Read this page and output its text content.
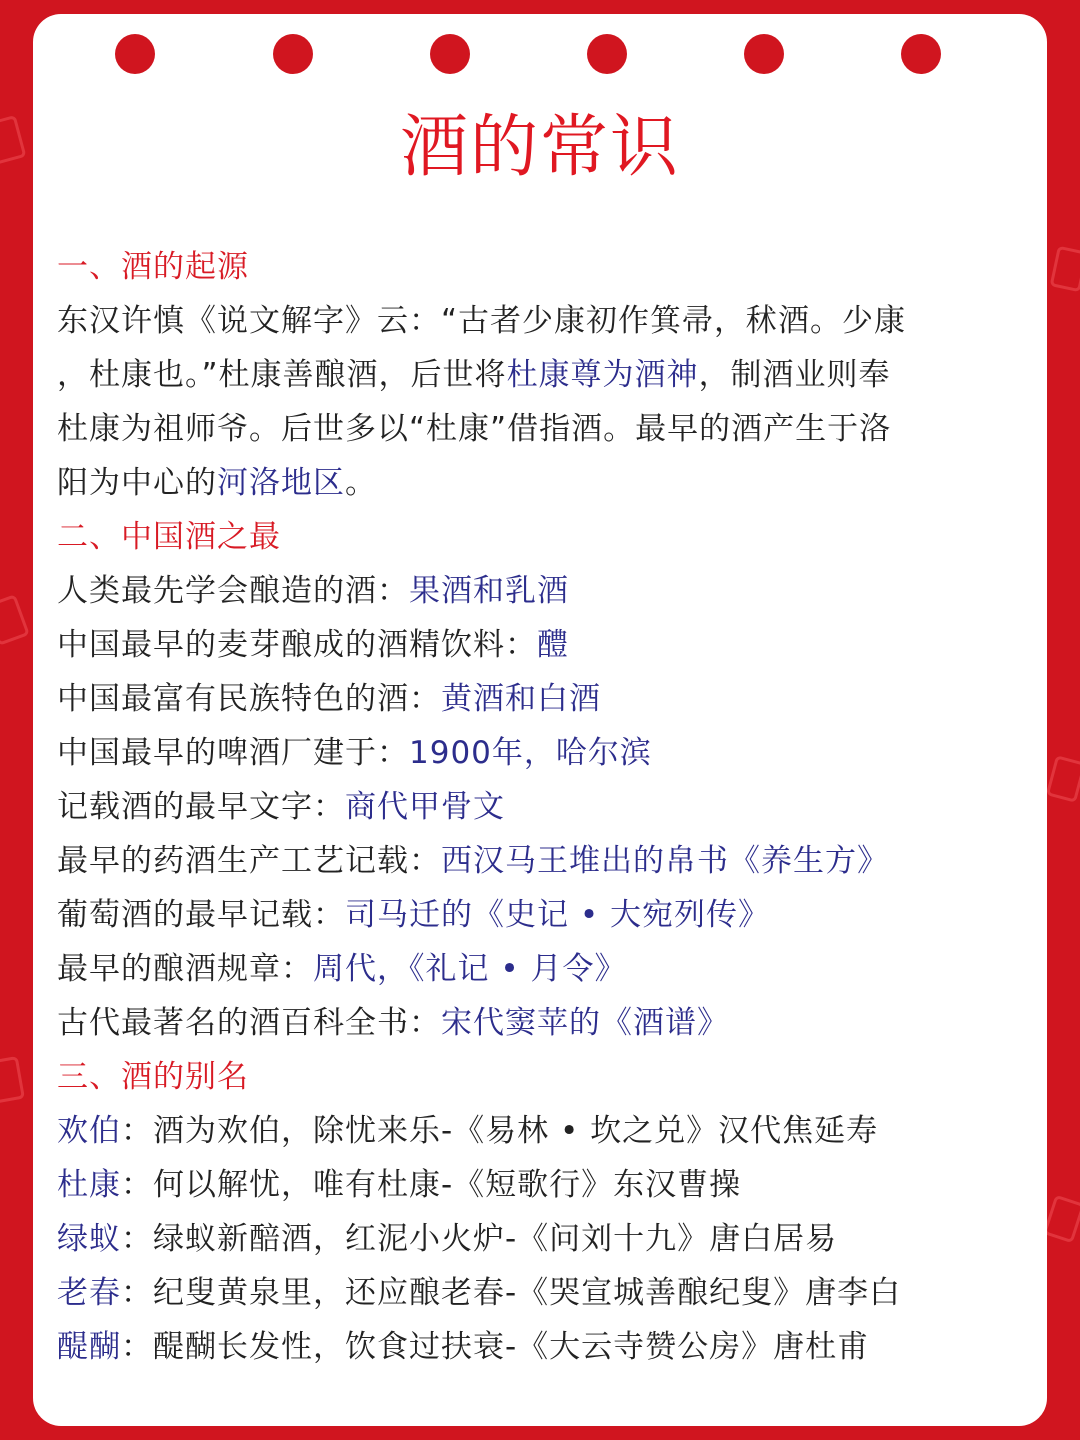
酒的常识
一、酒的起源
东汉许慎《说文解字》云：“古者少康初作箕帚，秫酒。少康
，杜康也。”杜康善酿酒，后世将杜康尊为酒神，制酒业则奉
杜康为祖师爷。后世多以“杜康”借指酒。最早的酒产生于洛
阳为中心的河洛地区。
二、中国酒之最
人类最先学会酿造的酒：果酒和乳酒
中国最早的麦芽酿成的酒精饮料：醴
中国最富有民族特色的酒：黄酒和白酒
中国最早的啤酒厂建于：1900年，哈尔滨
记载酒的最早文字：商代甲骨文
最早的药酒生产工艺记载：西汉马王堆出的帛书《养生方》
葡萄酒的最早记载：司马迁的《史记 • 大宛列传》
最早的酿酒规章：周代，《礼记 • 月令》
古代最著名的酒百科全书：宋代窦苹的《酒谱》
三、酒的别名
欢伯：酒为欢伯，除忧来乐-《易林 • 坎之兑》汉代焦延寿
杜康：何以解忧，唯有杜康-《短歌行》东汉曹操
绿蚁：绿蚁新醅酒，红泥小火炉-《问刘十九》唐白居易
老春：纪叟黄泉里，还应酿老春-《哭宣城善酿纪叟》唐李白
醍醐：醍醐长发性，饮食过扶衰-《大云寺赞公房》唐杜甫
